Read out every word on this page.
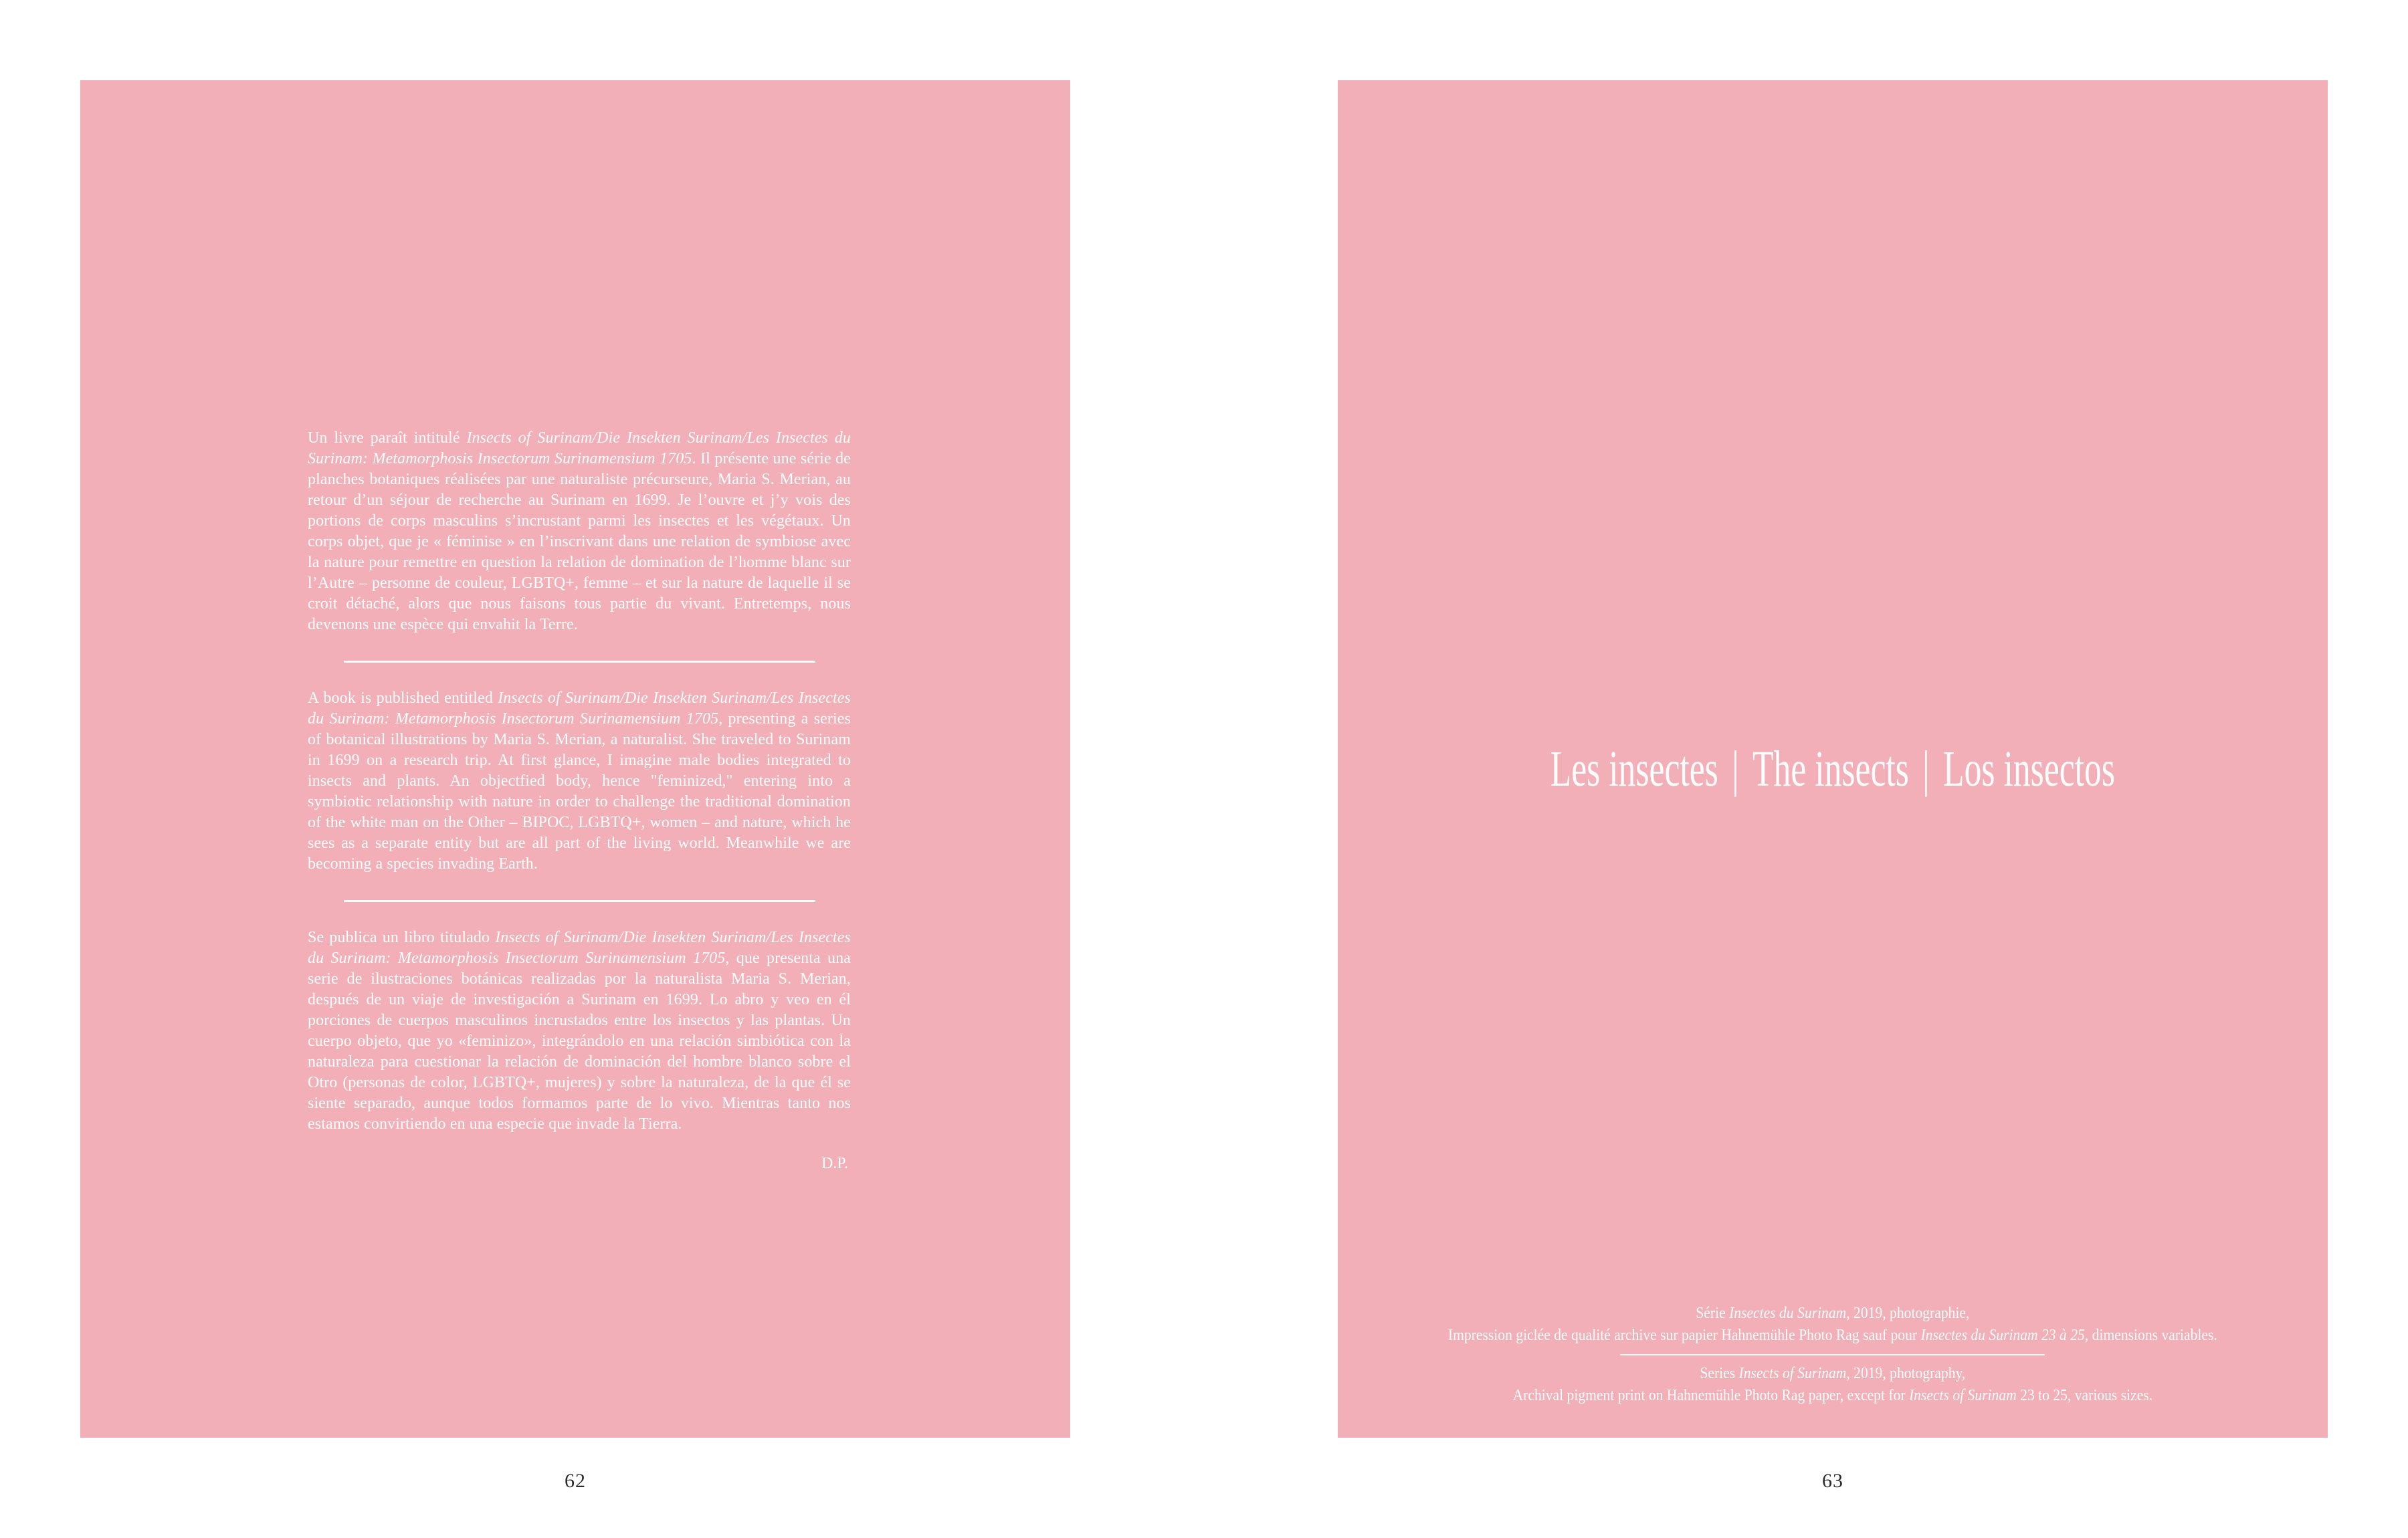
Un livre paraît intitulé Insects of Surinam/Die Insekten Surinam/Les Insectes du Surinam: Metamorphosis Insectorum Surinamensium 1705. Il présente une série de planches botaniques réalisées par une naturaliste précurseure, Maria S. Merian, au retour d’un séjour de recherche au Surinam en 1699. Je l’ouvre et j’y vois des portions de corps masculins s’incrustant parmi les insectes et les végétaux. Un corps objet, que je « féminise » en l’inscrivant dans une relation de symbiose avec la nature pour remettre en question la relation de domination de l’homme blanc sur l’Autre – personne de couleur, LGBTQ+, femme – et sur la nature de laquelle il se croit détaché, alors que nous faisons tous partie du vivant. Entretemps, nous devenons une espèce qui envahit la Terre.

A book is published entitled Insects of Surinam/Die Insekten Surinam/Les Insectes du Surinam: Metamorphosis Insectorum Surinamensium 1705, presenting a series of botanical illustrations by Maria S. Merian, a naturalist. She traveled to Surinam in 1699 on a research trip. At first glance, I imagine male bodies integrated to insects and plants. An objectfied body, hence "feminized," entering into a symbiotic relationship with nature in order to challenge the traditional domination of the white man on the Other – BIPOC, LGBTQ+, women – and nature, which he sees as a separate entity but are all part of the living world. Meanwhile we are becoming a species invading Earth.

Se publica un libro titulado Insects of Surinam/Die Insekten Surinam/Les Insectes du Surinam: Metamorphosis Insectorum Surinamensium 1705, que presenta una serie de ilustraciones botánicas realizadas por la naturalista Maria S. Merian, después de un viaje de investigación a Surinam en 1699. Lo abro y veo en él porciones de cuerpos masculinos incrustados entre los insectos y las plantas. Un cuerpo objeto, que yo «feminizo», integrándolo en una relación simbiótica con la naturaleza para cuestionar la relación de dominación del hombre blanco sobre el Otro (personas de color, LGBTQ+, mujeres) y sobre la naturaleza, de la que él se siente separado, aunque todos formamos parte de lo vivo. Mientras tanto nos estamos convirtiendo en una especie que invade la Tierra.

D.P.
Les insectes | The insects | Los insectos
Série Insectes du Surinam, 2019, photographie,
Impression giclée de qualité archive sur papier Hahnemühle Photo Rag sauf pour Insectes du Surinam 23 à 25, dimensions variables.
Series Insects of Surinam, 2019, photography,
Archival pigment print on Hahnemühle Photo Rag paper, except for Insects of Surinam 23 to 25, various sizes.
62	63
